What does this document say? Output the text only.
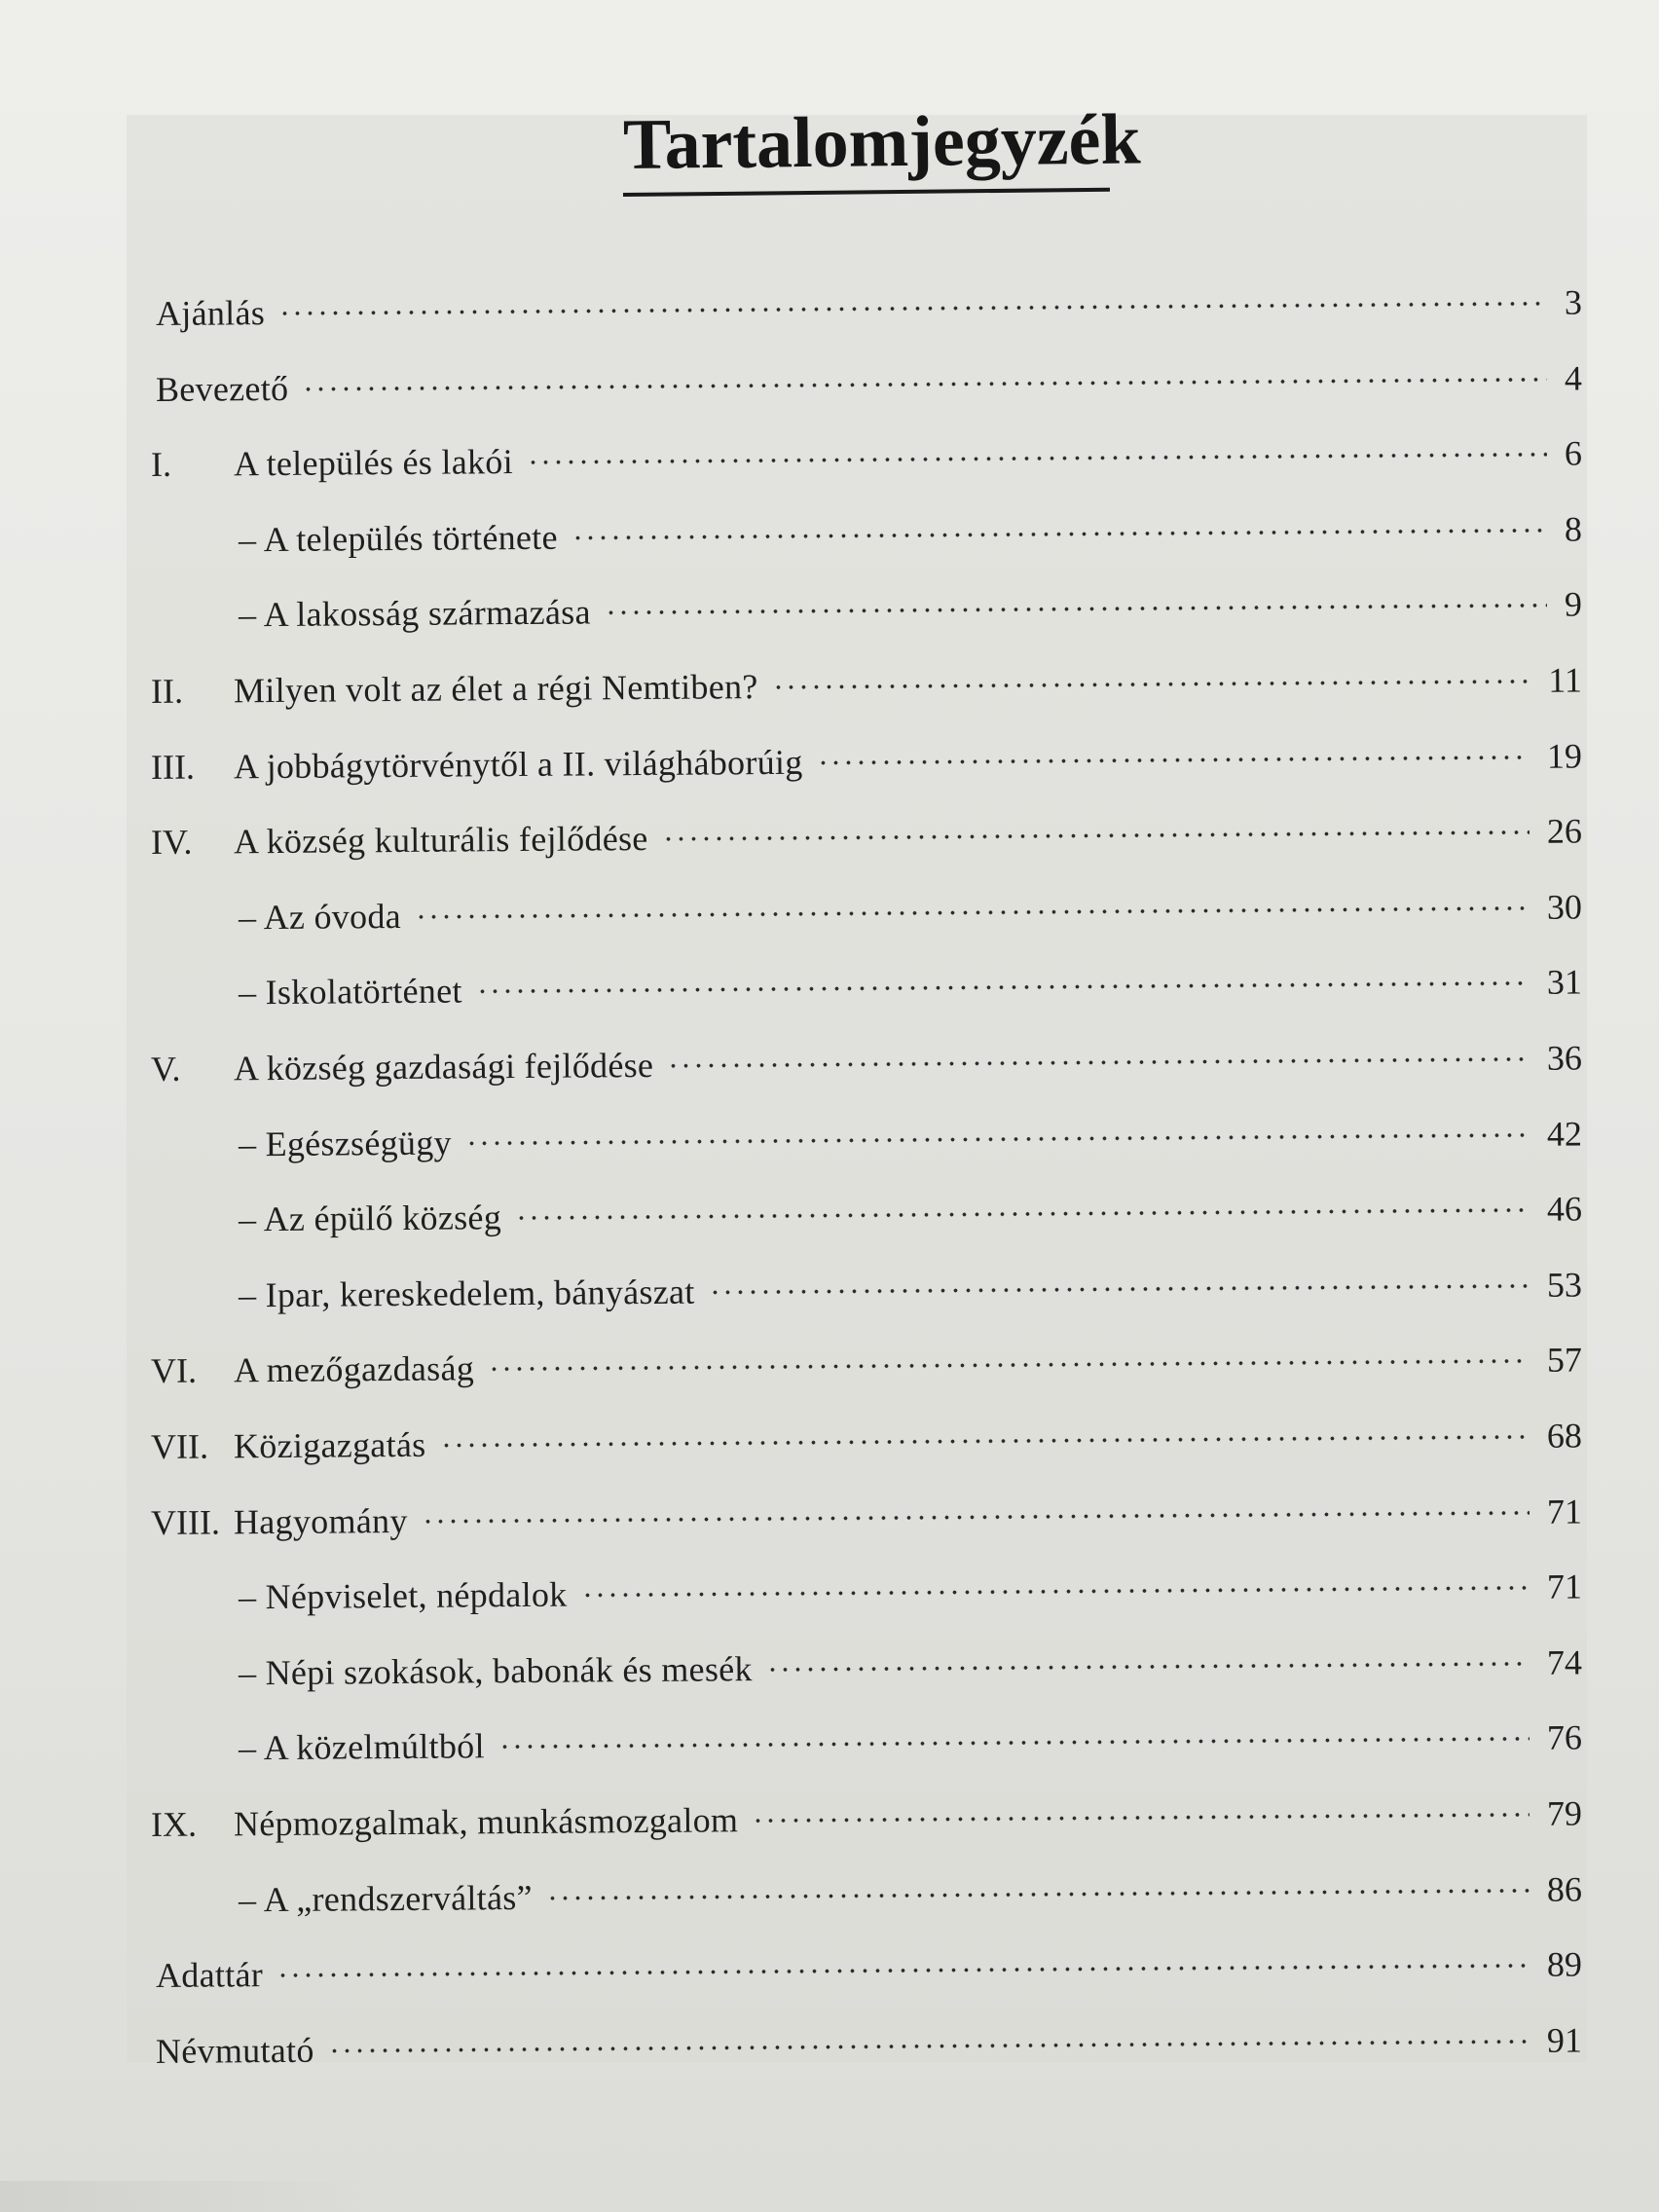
Tartalomjegyzék
Ajánlás	3
Bevezető	4
I. A település és lakói	6
– A település története	8
– A lakosság származása	9
II. Milyen volt az élet a régi Nemtiben?	11
III. A jobbágytörvénytől a II. világháborúig	19
IV. A község kulturális fejlődése	26
– Az óvoda	30
– Iskolatörténet	31
V. A község gazdasági fejlődése	36
– Egészségügy	42
– Az épülő község	46
– Ipar, kereskedelem, bányászat	53
VI. A mezőgazdaság	57
VII. Közigazgatás	68
VIII. Hagyomány	71
– Népviselet, népdalok	71
– Népi szokások, babonák és mesék	74
– A közelmúltból	76
IX. Népmozgalmak, munkásmozgalom	79
– A „rendszerváltás”	86
Adattár	89
Névmutató	91
